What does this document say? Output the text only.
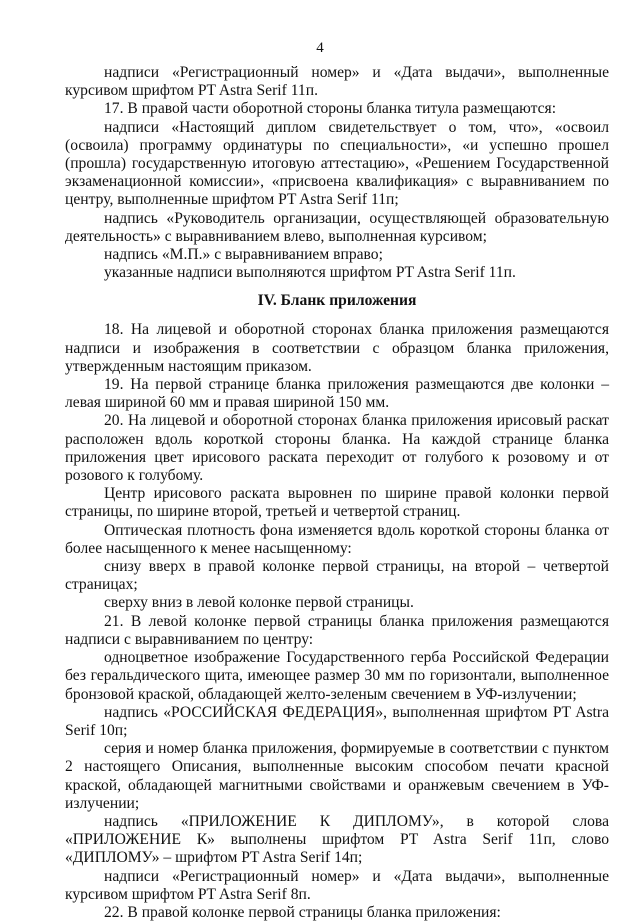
4

надписи «Регистрационный номер» и «Дата выдачи», выполненные курсивом шрифтом PT Astra Serif 11п.

17. В правой части оборотной стороны бланка титула размещаются:

надписи «Настоящий диплом свидетельствует о том, что», «освоил (освоила) программу ординатуры по специальности», «и успешно прошел (прошла) государственную итоговую аттестацию», «Решением Государственной экзаменационной комиссии», «присвоена квалификация» с выравниванием по центру, выполненные шрифтом PT Astra Serif 11п;

надпись «Руководитель организации, осуществляющей образовательную деятельность» с выравниванием влево, выполненная курсивом;

надпись «М.П.» с выравниванием вправо;

указанные надписи выполняются шрифтом PT Astra Serif 11п.

IV. Бланк приложения

18. На лицевой и оборотной сторонах бланка приложения размещаются надписи и изображения в соответствии с образцом бланка приложения, утвержденным настоящим приказом.

19. На первой странице бланка приложения размещаются две колонки – левая шириной 60 мм и правая шириной 150 мм.

20. На лицевой и оборотной сторонах бланка приложения ирисовый раскат расположен вдоль короткой стороны бланка. На каждой странице бланка приложения цвет ирисового раската переходит от голубого к розовому и от розового к голубому.

Центр ирисового раската выровнен по ширине правой колонки первой страницы, по ширине второй, третьей и четвертой страниц.

Оптическая плотность фона изменяется вдоль короткой стороны бланка от более насыщенного к менее насыщенному:

снизу вверх в правой колонке первой страницы, на второй – четвертой страницах;

сверху вниз в левой колонке первой страницы.

21. В левой колонке первой страницы бланка приложения размещаются надписи с выравниванием по центру:

одноцветное изображение Государственного герба Российской Федерации без геральдического щита, имеющее размер 30 мм по горизонтали, выполненное бронзовой краской, обладающей желто-зеленым свечением в УФ-излучении;

надпись «РОССИЙСКАЯ ФЕДЕРАЦИЯ», выполненная шрифтом PT Astra Serif 10п;

серия и номер бланка приложения, формируемые в соответствии с пунктом 2 настоящего Описания, выполненные высоким способом печати красной краской, обладающей магнитными свойствами и оранжевым свечением в УФ-излучении;

надпись «ПРИЛОЖЕНИЕ К ДИПЛОМУ», в которой слова «ПРИЛОЖЕНИЕ К» выполнены шрифтом PT Astra Serif 11п, слово «ДИПЛОМУ» – шрифтом PT Astra Serif 14п;

надписи «Регистрационный номер» и «Дата выдачи», выполненные курсивом шрифтом PT Astra Serif 8п.

22. В правой колонке первой страницы бланка приложения:
